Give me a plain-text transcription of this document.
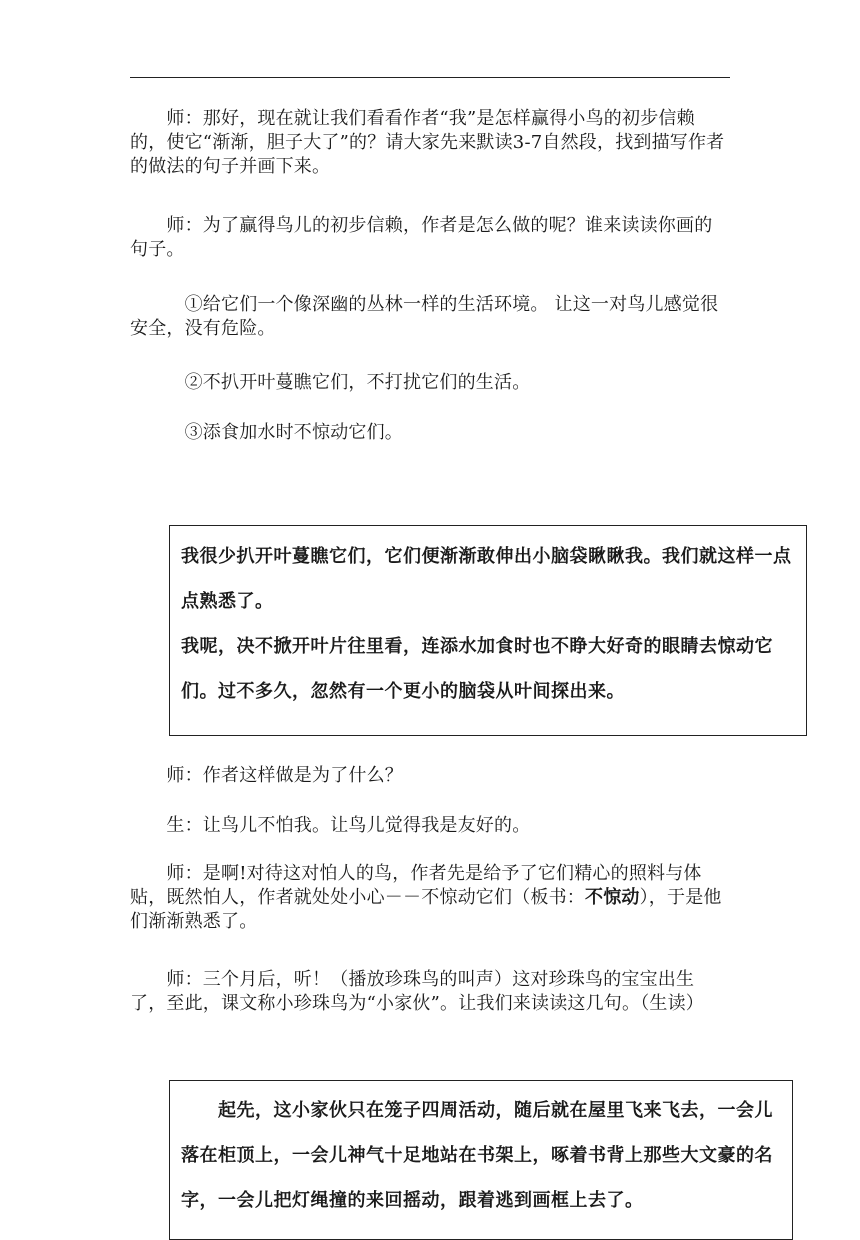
　　师：那好，现在就让我们看看作者“我”是怎样赢得小鸟的初步信赖的，使它“渐渐，胆子大了”的？请大家先来默读3-7自然段，找到描写作者的做法的句子并画下来。

　　师：为了赢得鸟儿的初步信赖，作者是怎么做的呢？谁来读读你画的句子。

　　　①给它们一个像深幽的丛林一样的生活环境。 让这一对鸟儿感觉很安全，没有危险。

　　　②不扒开叶蔓瞧它们，不打扰它们的生活。

　　　③添食加水时不惊动它们。

我很少扒开叶蔓瞧它们，它们便渐渐敢伸出小脑袋瞅瞅我。我们就这样一点点熟悉了。

我呢，决不掀开叶片往里看，连添水加食时也不睁大好奇的眼睛去惊动它们。过不多久，忽然有一个更小的脑袋从叶间探出来。

　　师：作者这样做是为了什么？

　　生：让鸟儿不怕我。让鸟儿觉得我是友好的。

　　师：是啊!对待这对怕人的鸟，作者先是给予了它们精心的照料与体贴，既然怕人，作者就处处小心－－不惊动它们（板书：不惊动），于是他们渐渐熟悉了。

　　师：三个月后，听！（播放珍珠鸟的叫声）这对珍珠鸟的宝宝出生了，至此，课文称小珍珠鸟为“小家伙”。让我们来读读这几句。（生读）

　　起先，这小家伙只在笼子四周活动，随后就在屋里飞来飞去，一会儿落在柜顶上，一会儿神气十足地站在书架上，啄着书背上那些大文豪的名字，一会儿把灯绳撞的来回摇动，跟着逃到画框上去了。
